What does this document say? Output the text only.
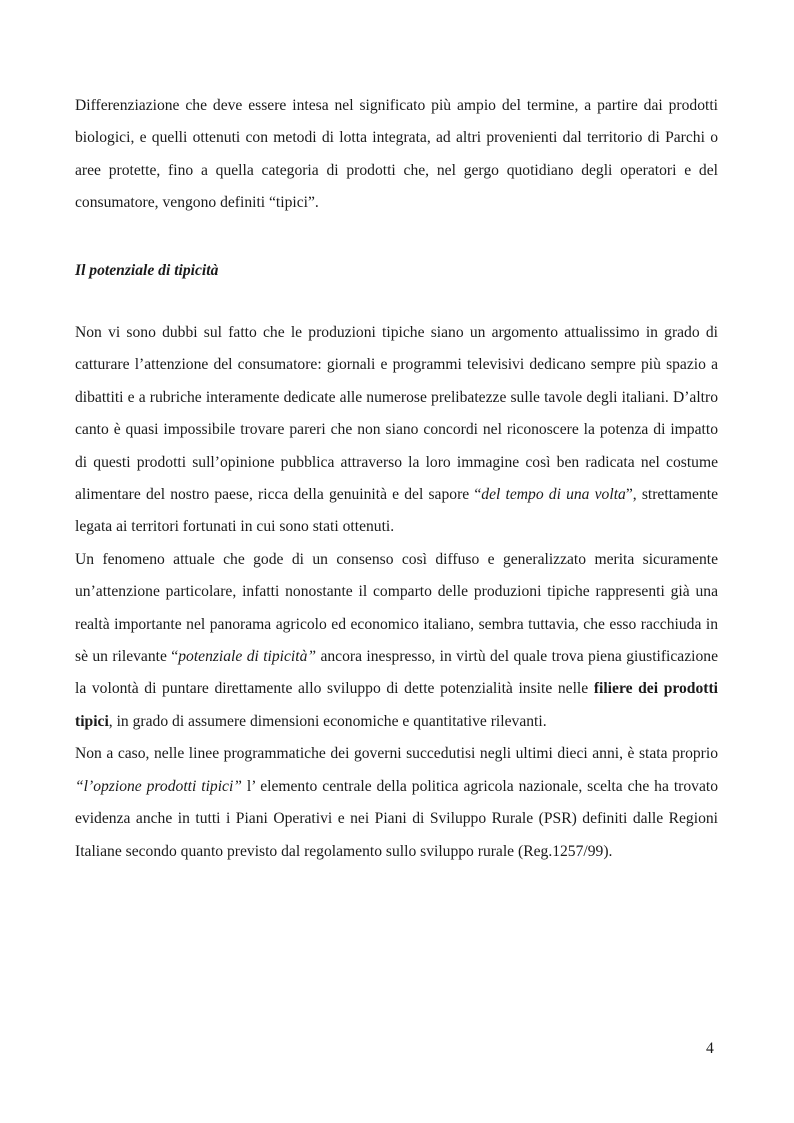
Differenziazione che deve essere intesa nel significato più ampio del termine, a partire dai prodotti biologici, e quelli ottenuti con metodi di lotta integrata, ad altri provenienti dal territorio di Parchi o aree protette, fino a quella categoria di prodotti che, nel gergo quotidiano degli operatori e del consumatore, vengono definiti “tipici”.

Il potenziale di tipicità

Non vi sono dubbi sul fatto che le produzioni tipiche siano un argomento attualissimo in grado di catturare l’attenzione del consumatore: giornali e programmi televisivi dedicano sempre più spazio a dibattiti e a rubriche interamente dedicate alle numerose prelibatezze sulle tavole degli italiani. D’altro canto è quasi impossibile trovare pareri che non siano concordi nel riconoscere la potenza di impatto di questi prodotti sull’opinione pubblica attraverso la loro immagine così ben radicata nel costume alimentare del nostro paese, ricca della genuinità e del sapore “del tempo di una volta”, strettamente legata ai territori fortunati in cui sono stati ottenuti.

Un fenomeno attuale che gode di un consenso così diffuso e generalizzato merita sicuramente un’attenzione particolare, infatti nonostante il comparto delle produzioni tipiche rappresenti già una realtà importante nel panorama agricolo ed economico italiano, sembra tuttavia, che esso racchiuda in sè un rilevante “potenziale di tipicità” ancora inespresso, in virtù del quale trova piena giustificazione la volontà di puntare direttamente allo sviluppo di dette potenzialità insite nelle filiere dei prodotti tipici, in grado di assumere dimensioni economiche e quantitative rilevanti.

Non a caso, nelle linee programmatiche dei governi succedutisi negli ultimi dieci anni, è stata proprio “l’opzione prodotti tipici” l’ elemento centrale della politica agricola nazionale, scelta che ha trovato evidenza anche in tutti i Piani Operativi e nei Piani di Sviluppo Rurale (PSR) definiti dalle Regioni Italiane secondo quanto previsto dal regolamento sullo sviluppo rurale (Reg.1257/99).

4
